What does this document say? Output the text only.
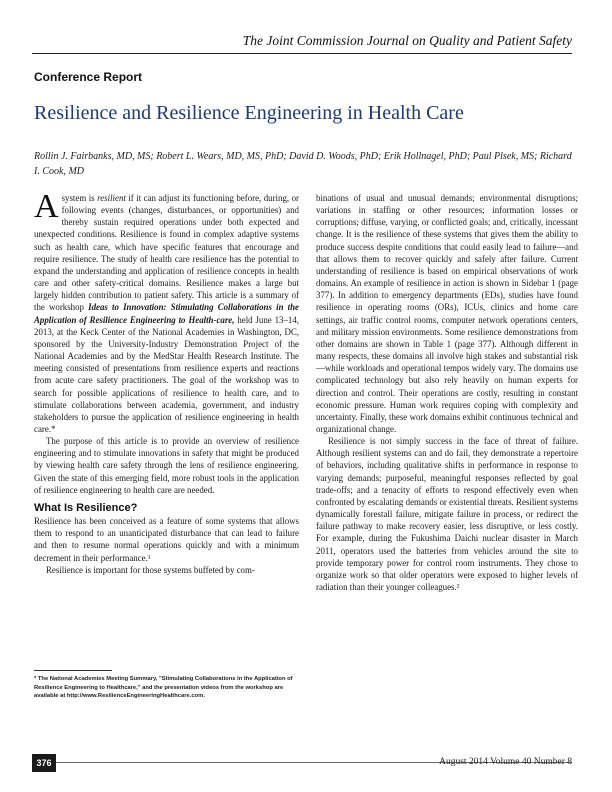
The Joint Commission Journal on Quality and Patient Safety
Conference Report
Resilience and Resilience Engineering in Health Care
Rollin J. Fairbanks, MD, MS; Robert L. Wears, MD, MS, PhD; David D. Woods, PhD; Erik Hollnagel, PhD; Paul Plsek, MS; Richard I. Cook, MD

A system is resilient if it can adjust its functioning before, during, or following events (changes, disturbances, or opportunities) and thereby sustain required operations under both expected and unexpected conditions. Resilience is found in complex adaptive systems such as health care, which have specific features that encourage and require resilience. The study of health care resilience has the potential to expand the understanding and application of resilience concepts in health care and other safety-critical domains. Resilience makes a large but largely hidden contribution to patient safety. This article is a summary of the workshop Ideas to Innovation: Stimulating Collaborations in the Application of Resilience Engineering to Health-care, held June 13–14, 2013, at the Keck Center of the National Academies in Washington, DC, sponsored by the University-Industry Demonstration Project of the National Academies and by the MedStar Health Research Institute. The meeting consisted of presentations from resilience experts and reactions from acute care safety practitioners. The goal of the workshop was to search for possible applications of resilience to health care, and to stimulate collaborations between academia, government, and industry stakeholders to pursue the application of resilience engineering in health care.*

The purpose of this article is to provide an overview of resilience engineering and to stimulate innovations in safety that might be produced by viewing health care safety through the lens of resilience engineering. Given the state of this emerging field, more robust tools in the application of resilience engineering to health care are needed.

What Is Resilience?

Resilience has been conceived as a feature of some systems that allows them to respond to an unanticipated disturbance that can lead to failure and then to resume normal operations quickly and with a minimum decrement in their performance.¹

Resilience is important for those systems buffeted by com-

binations of usual and unusual demands; environmental disruptions; variations in staffing or other resources; information losses or corruptions; diffuse, varying, or conflicted goals; and, critically, incessant change. It is the resilience of these systems that gives them the ability to produce success despite conditions that could easily lead to failure—and that allows them to recover quickly and safely after failure. Current understanding of resilience is based on empirical observations of work domains. An example of resilience in action is shown in Sidebar 1 (page 377). In addition to emergency departments (EDs), studies have found resilience in operating rooms (ORs), ICUs, clinics and home care settings, air traffic control rooms, computer network operations centers, and military mission environments. Some resilience demonstrations from other domains are shown in Table 1 (page 377). Although different in many respects, these domains all involve high stakes and substantial risk—while workloads and operational tempos widely vary. The domains use complicated technology but also rely heavily on human experts for direction and control. Their operations are costly, resulting in constant economic pressure. Human work requires coping with complexity and uncertainty. Finally, these work domains exhibit continuous technical and organizational change.

Resilience is not simply success in the face of threat of failure. Although resilient systems can and do fail, they demonstrate a repertoire of behaviors, including qualitative shifts in performance in response to varying demands; purposeful, meaningful responses reflected by goal trade-offs; and a tenacity of efforts to respond effectively even when confronted by escalating demands or existential threats. Resilient systems dynamically forestall failure, mitigate failure in process, or redirect the failure pathway to make recovery easier, less disruptive, or less costly. For example, during the Fukushima Daichi nuclear disaster in March 2011, operators used the batteries from vehicles around the site to provide temporary power for control room instruments. They chose to organize work so that older operators were exposed to higher levels of radiation than their younger colleagues.²

* The National Academies Meeting Summary, "Stimulating Collaborations in the Application of Resilience Engineering to Healthcare," and the presentation videos from the workshop are available at http://www.ResilienceEngineeringHealthcare.com.
376	August 2014 Volume 40 Number 8
